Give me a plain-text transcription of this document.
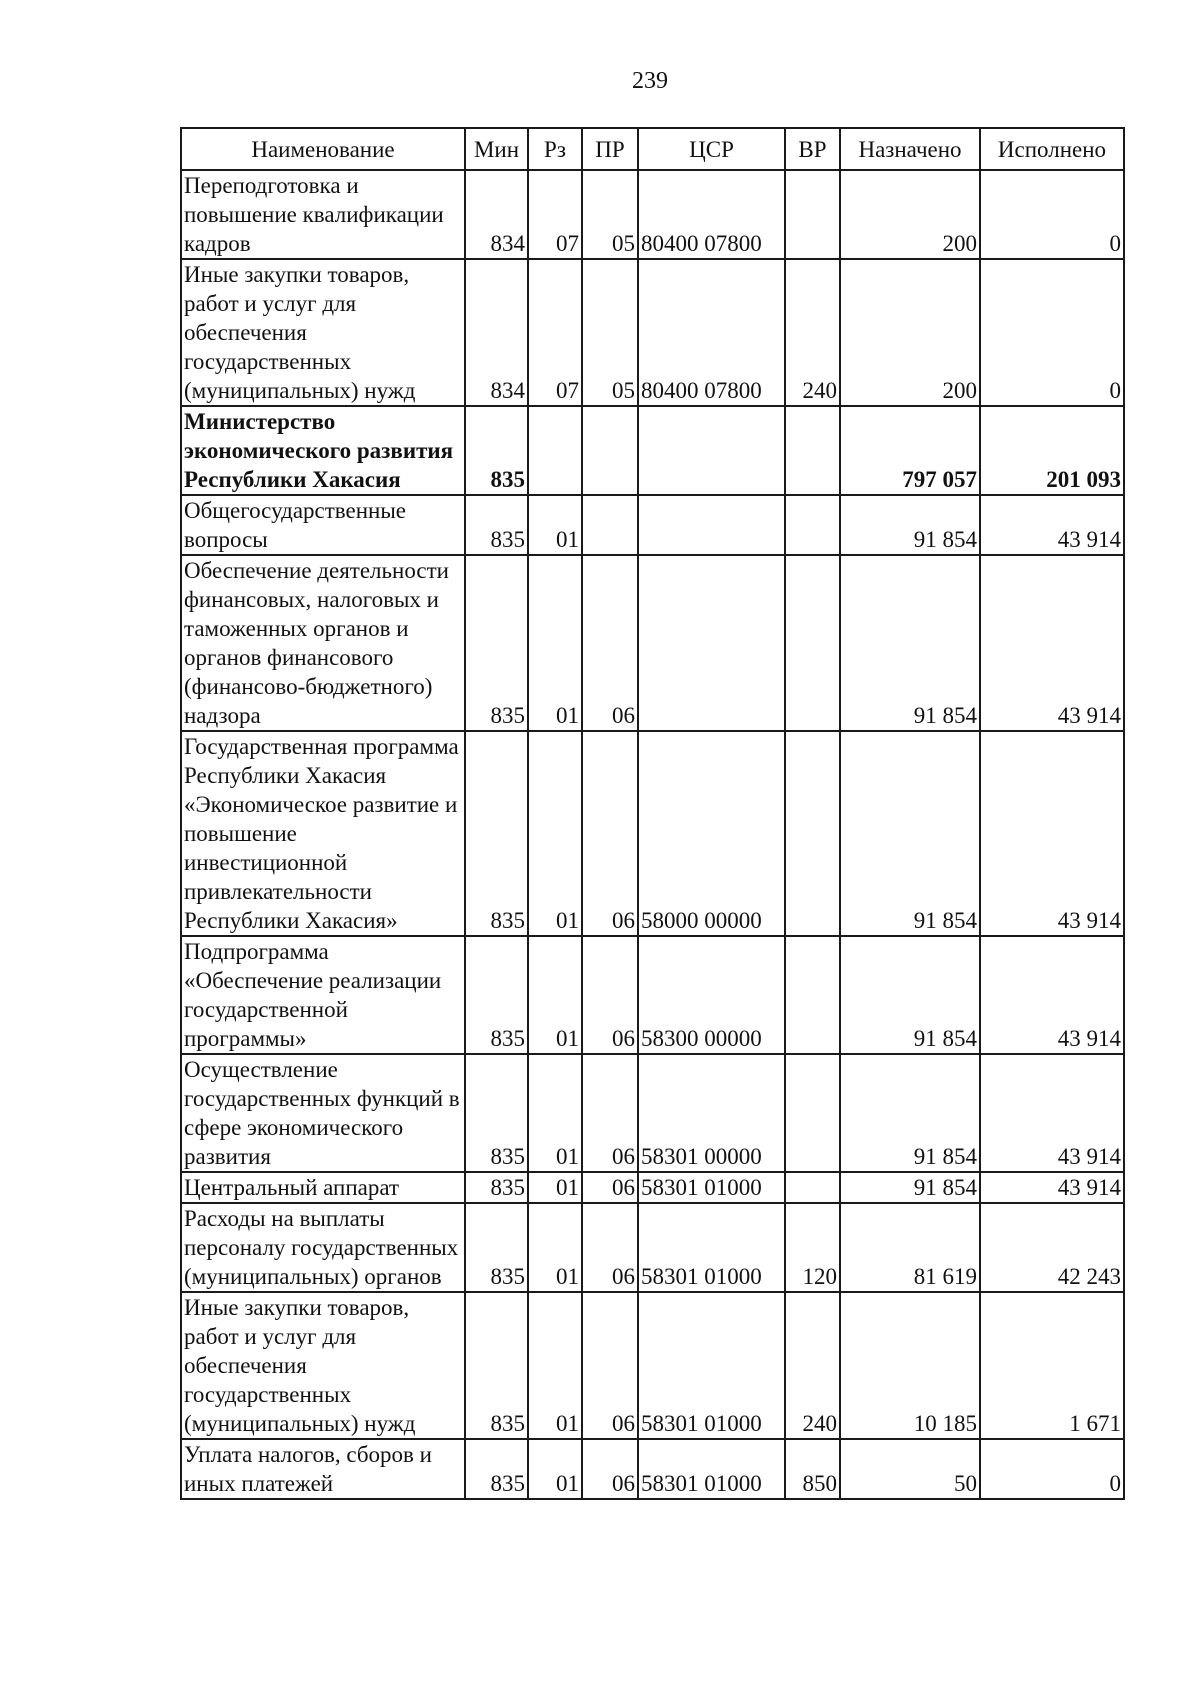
239
Наименование	Мин	Рз	ПР	ЦСР	ВР	Назначено	Исполнено
Переподготовка и повышение квалификации кадров	834	07	05	80400 07800		200	0
Иные закупки товаров, работ и услуг для обеспечения государственных (муниципальных) нужд	834	07	05	80400 07800	240	200	0
Министерство экономического развития Республики Хакасия	835					797 057	201 093
Общегосударственные вопросы	835	01				91 854	43 914
Обеспечение деятельности финансовых, налоговых и таможенных органов и органов финансового (финансово-бюджетного) надзора	835	01	06			91 854	43 914
Государственная программа Республики Хакасия «Экономическое развитие и повышение инвестиционной привлекательности Республики Хакасия»	835	01	06	58000 00000		91 854	43 914
Подпрограмма «Обеспечение реализации государственной программы»	835	01	06	58300 00000		91 854	43 914
Осуществление государственных функций в сфере экономического развития	835	01	06	58301 00000		91 854	43 914
Центральный аппарат	835	01	06	58301 01000		91 854	43 914
Расходы на выплаты персоналу государственных (муниципальных) органов	835	01	06	58301 01000	120	81 619	42 243
Иные закупки товаров, работ и услуг для обеспечения государственных (муниципальных) нужд	835	01	06	58301 01000	240	10 185	1 671
Уплата налогов, сборов и иных платежей	835	01	06	58301 01000	850	50	0
